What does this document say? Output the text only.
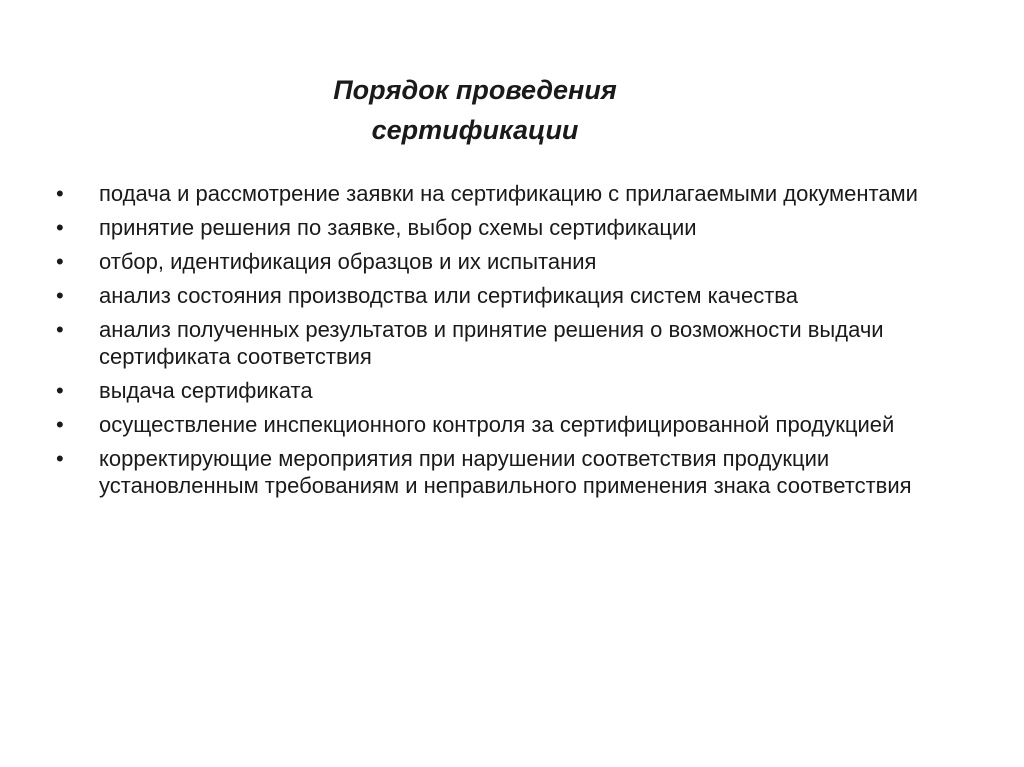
Порядок проведения
сертификации
•	подача и рассмотрение заявки на сертификацию с прилагаемыми документами
•	принятие решения по заявке, выбор схемы сертификации
•	отбор, идентификация образцов и их испытания
•	анализ состояния производства или сертификация систем качества
•	анализ полученных результатов и принятие решения о возможности выдачи сертификата соответствия
•	выдача сертификата
•	осуществление инспекционного контроля за сертифицированной продукцией
•	корректирующие мероприятия при нарушении соответствия продукции установленным требованиям и неправильного применения знака соответствия
